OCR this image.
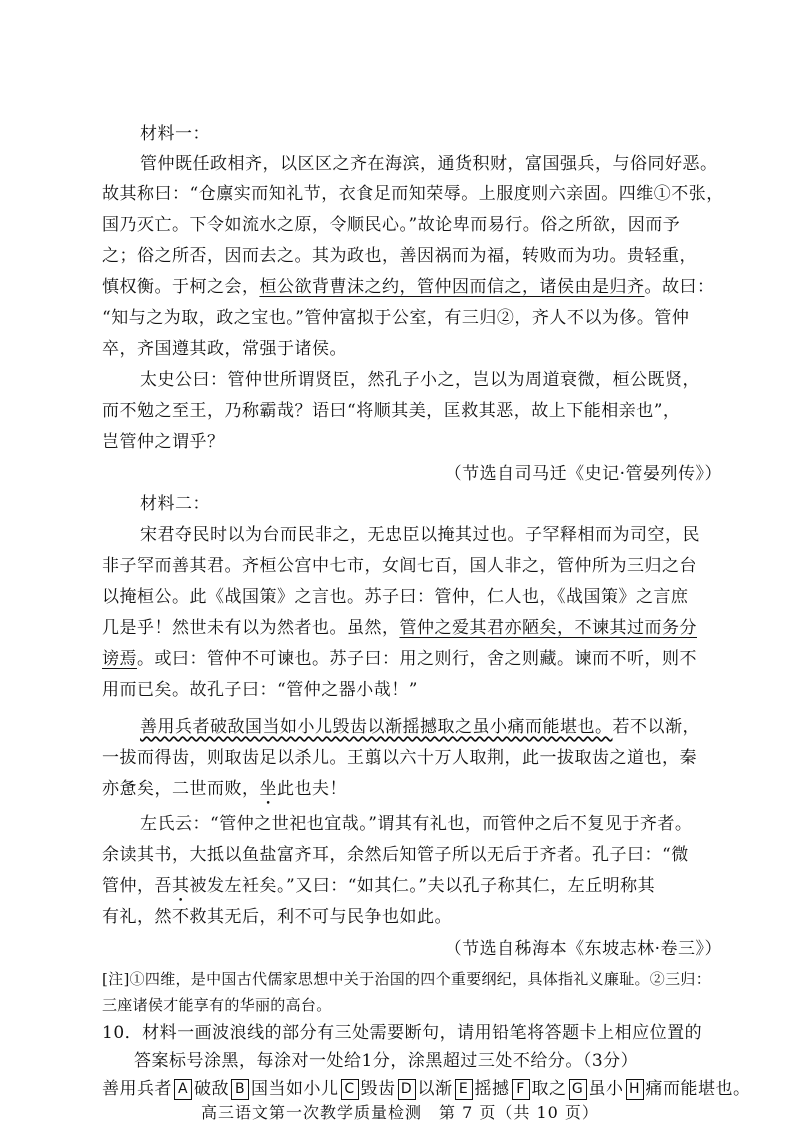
材料一：
管仲既任政相齐，以区区之齐在海滨，通货积财，富国强兵，与俗同好恶。
故其称曰：“仓廪实而知礼节，衣食足而知荣辱。上服度则六亲固。四维①不张，
国乃灭亡。下令如流水之原，令顺民心。”故论卑而易行。俗之所欲，因而予
之；俗之所否，因而去之。其为政也，善因祸而为福，转败而为功。贵轻重，
慎权衡。于柯之会，桓公欲背曹沫之约，管仲因而信之，诸侯由是归齐。故曰：
“知与之为取，政之宝也。”管仲富拟于公室，有三归②，齐人不以为侈。管仲
卒，齐国遵其政，常强于诸侯。
太史公曰：管仲世所谓贤臣，然孔子小之，岂以为周道衰微，桓公既贤，
而不勉之至王，乃称霸哉？语曰“将顺其美，匡救其恶，故上下能相亲也”，
岂管仲之谓乎？
（节选自司马迁《史记·管晏列传》）
材料二：
宋君夺民时以为台而民非之，无忠臣以掩其过也。子罕释相而为司空，民
非子罕而善其君。齐桓公宫中七市，女闾七百，国人非之，管仲所为三归之台
以掩桓公。此《战国策》之言也。苏子曰：管仲，仁人也，《战国策》之言庶
几是乎！然世未有以为然者也。虽然，管仲之爱其君亦陋矣，不谏其过而务分
谤焉。或曰：管仲不可谏也。苏子曰：用之则行，舍之则藏。谏而不听，则不
用而已矣。故孔子曰：“管仲之器小哉！”
善用兵者破敌国当如小儿毁齿以渐摇撼取之虽小痛而能堪也。若不以渐，
一拔而得齿，则取齿足以杀儿。王翦以六十万人取荆，此一拔取齿之道也，秦
亦惫矣，二世而败，坐此也夫！
左氏云：“管仲之世祀也宜哉。”谓其有礼也，而管仲之后不复见于齐者。
余读其书，大抵以鱼盐富齐耳，余然后知管子所以无后于齐者。孔子曰：“微
管仲，吾其被发左衽矣。”又曰：“如其仁。”夫以孔子称其仁，左丘明称其
有礼，然不救其无后，利不可与民争也如此。
（节选自秭海本《东坡志林·卷三》）
[注]①四维，是中国古代儒家思想中关于治国的四个重要纲纪，具体指礼义廉耻。②三归：
三座诸侯才能享有的华丽的高台。
10．材料一画波浪线的部分有三处需要断句，请用铅笔将答题卡上相应位置的
答案标号涂黑，每涂对一处给1分，涂黑超过三处不给分。（3分）
善用兵者 A 破敌 B 国当如小儿 C 毁齿 D 以渐 E 摇撼 F 取之 G 虽小 H 痛而能堪也。
高三语文第一次教学质量检测　第 7 页（共 10 页）
